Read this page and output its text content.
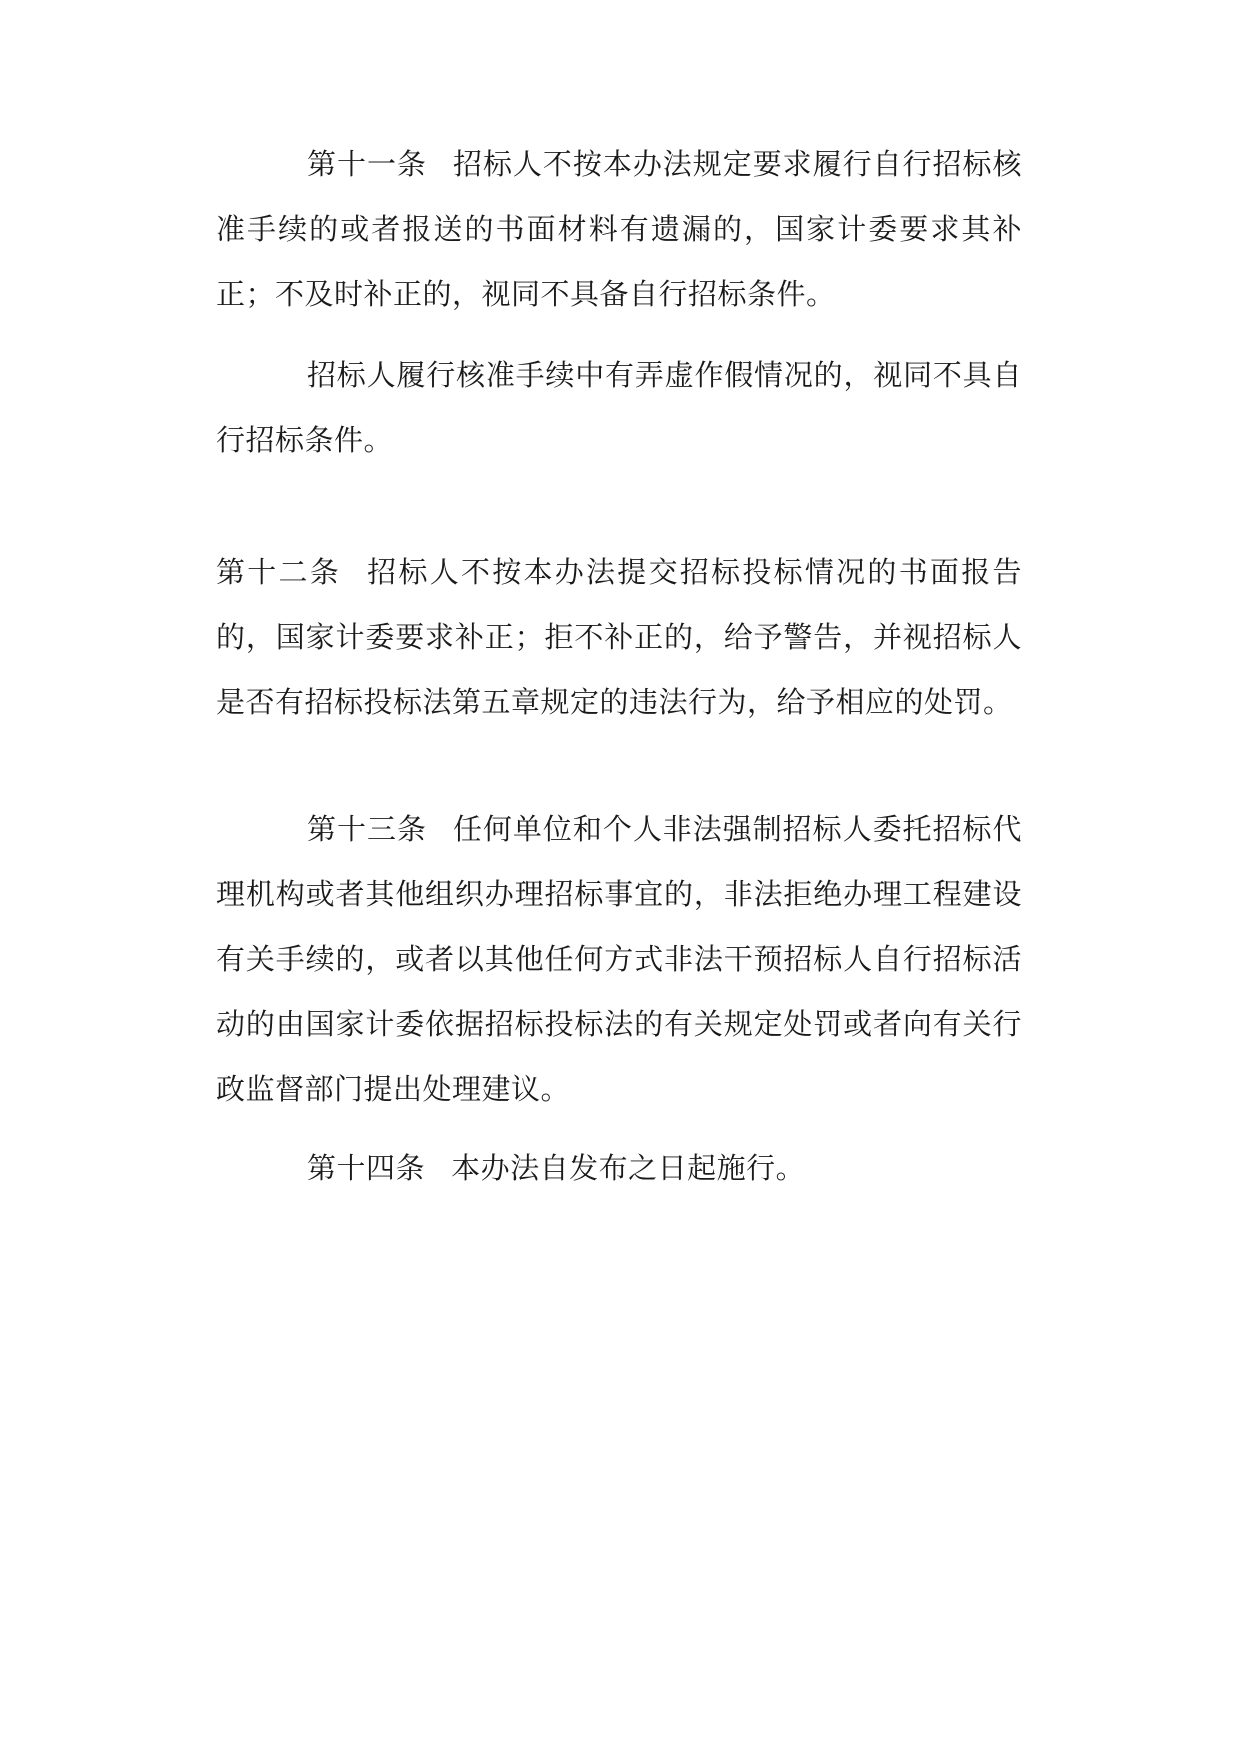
第十一条 招标人不按本办法规定要求履行自行招标核准手续的或者报送的书面材料有遗漏的，国家计委要求其补正；不及时补正的，视同不具备自行招标条件。

招标人履行核准手续中有弄虚作假情况的，视同不具自行招标条件。

第十二条 招标人不按本办法提交招标投标情况的书面报告的，国家计委要求补正；拒不补正的，给予警告，并视招标人是否有招标投标法第五章规定的违法行为，给予相应的处罚。

第十三条 任何单位和个人非法强制招标人委托招标代理机构或者其他组织办理招标事宜的，非法拒绝办理工程建设有关手续的，或者以其他任何方式非法干预招标人自行招标活动的由国家计委依据招标投标法的有关规定处罚或者向有关行政监督部门提出处理建议。

第十四条 本办法自发布之日起施行。
